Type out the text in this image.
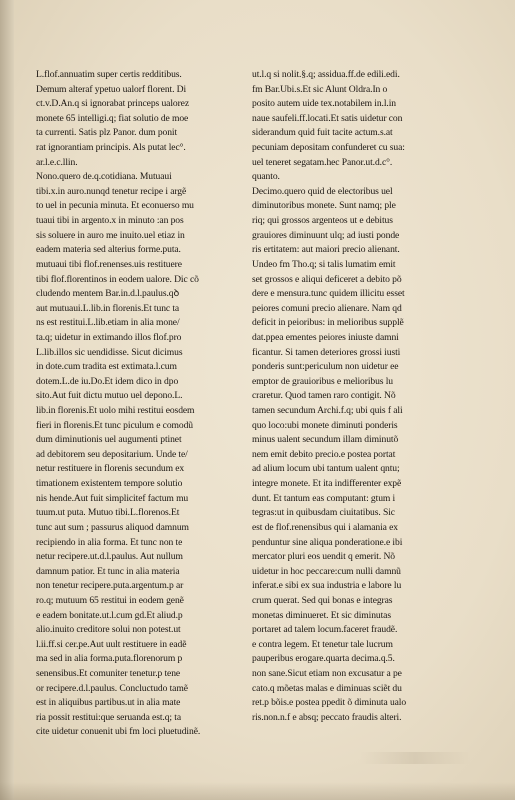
L.flof.annuatim super certis redditibus.
Demum alteraf ypetuo ualorf florent. Di
ct.v.D.An.q si ignorabat princeps ualorez
monete 65 intelligi.q; fiat solutio de moe
ta currenti. Satis plz Panor. dum ponit
rat ignorantiam principis. Als putat lec°.
ar.l.e.c.llin.
Nono.quero de.q.cotidiana. Mutuaui
tibi.x.in auro.nunqd tenetur recipe i argẽ
to uel in pecunia minuta. Et econuerso mu
tuaui tibi in argento.x in minuto :an pos
sis soluere in auro me inuito.uel etiaz in
eadem materia sed alterius forme.puta.
mutuaui tibi flof.renenses.uis restituere
tibi flof.florentinos in eodem ualore. Dic cõ
cludendo mentem Bar.in.d.l.paulus.qꝺ
aut mutuaui.L.lib.in florenis.Et tunc ta
ns est restitui.L.lib.etiam in alia mone/
ta.q; uidetur in extimando illos flof.pro
L.lib.illos sic uendidisse. Sicut dicimus
in dote.cum tradita est extimata.l.cum
dotem.L.de iu.Do.Et idem dico in dpo
sito.Aut fuit dictu mutuo uel depono.L.
lib.in florenis.Et uolo mihi restitui eosdem
fieri in florenis.Et tunc piculum e comodũ
dum diminutionis uel augumenti ptinet
ad debitorem seu depositarium. Unde te/
netur restituere in florenis secundum ex
timationem existentem tempore solutio
nis hende.Aut fuit simplicitef factum mu
tuum.ut puta. Mutuo tibi.L.florenos.Et
tunc aut sum ; passurus aliquod damnum
recipiendo in alia forma. Et tunc non te
netur recipere.ut.d.l.paulus. Aut nullum
damnum patior. Et tunc in alia materia
non tenetur recipere.puta.argentum.p ar
ro.q; mutuum 65 restitui in eodem genẽ
e eadem bonitate.ut.l.cum gd.Et aliud.p
alio.inuito creditore solui non potest.ut
l.ii.ff.si cer.pe.Aut uult restituere in eadẽ
ma sed in alia forma.puta.florenorum p
senensibus.Et comuniter tenetur.p tene
or recipere.d.l.paulus. Concluctudo tamẽ
est in aliquibus partibus.ut in alia mate
ria possit restitui:que seruanda est.q; ta
cite uidetur conuenit ubi fm loci pluetudinẽ.
ut.l.q si nolit.§.q; assidua.ff.de edili.edi.
fm Bar.Ubi.s.Et sic Alunt Oldra.In o
posito autem uide tex.notabilem in.l.in
naue saufeli.ff.locati.Et satis uidetur con
siderandum quid fuit tacite actum.s.at
pecuniam depositam confunderet cu sua:
uel teneret segatam.hec Panor.ut.d.c°.
quanto.
Decimo.quero quid de electoribus uel
diminutoribus monete. Sunt namq; ple
riq; qui grossos argenteos ut e debitus
grauiores diminuunt ulq; ad iusti ponde
ris ertitatem: aut maiori precio alienant.
Undeo fm Tho.q; si talis lumatim emit
set grossos e aliqui deficeret a debito põ
dere e mensura.tunc quidem illicitu esset
peiores comuni precio alienare. Nam qd
deficit in peioribus: in melioribus supplẽ
dat.ppea ementes peiores iniuste damni
ficantur. Si tamen deteriores grossi iusti
ponderis sunt:periculum non uidetur ee
emptor de grauioribus e melioribus lu
craretur. Quod tamen raro contigit. Nõ
tamen secundum Archi.f.q; ubi quis f ali
quo loco:ubi monete diminuti ponderis
minus ualent secundum illam diminutõ
nem emit debito precio.e postea portat
ad alium locum ubi tantum ualent qntu;
integre monete. Et ita indifferenter expẽ
dunt. Et tantum eas computant: gtum i
tegras:ut in quibusdam ciuitatibus. Sic
est de flof.renensibus qui i alamania ex
penduntur sine aliqua ponderatione.e ibi
mercator pluri eos uendit q emerit. Nõ
uidetur in hoc peccare:cum nulli damnũ
inferat.e sibi ex sua industria e labore lu
crum querat. Sed qui bonas e integras
monetas diminueret. Et sic diminutas
portaret ad talem locum.faceret fraudẽ.
e contra legem. Et tenetur tale lucrum
pauperibus erogare.quarta decima.q.5.
non sane.Sicut etiam non excusatur a pe
cato.q mõetas malas e diminuas sciẽt du
ret.p bõis.e postea ppedit õ diminuta ualo
ris.non.n.f e absq; peccato fraudis alteri.
